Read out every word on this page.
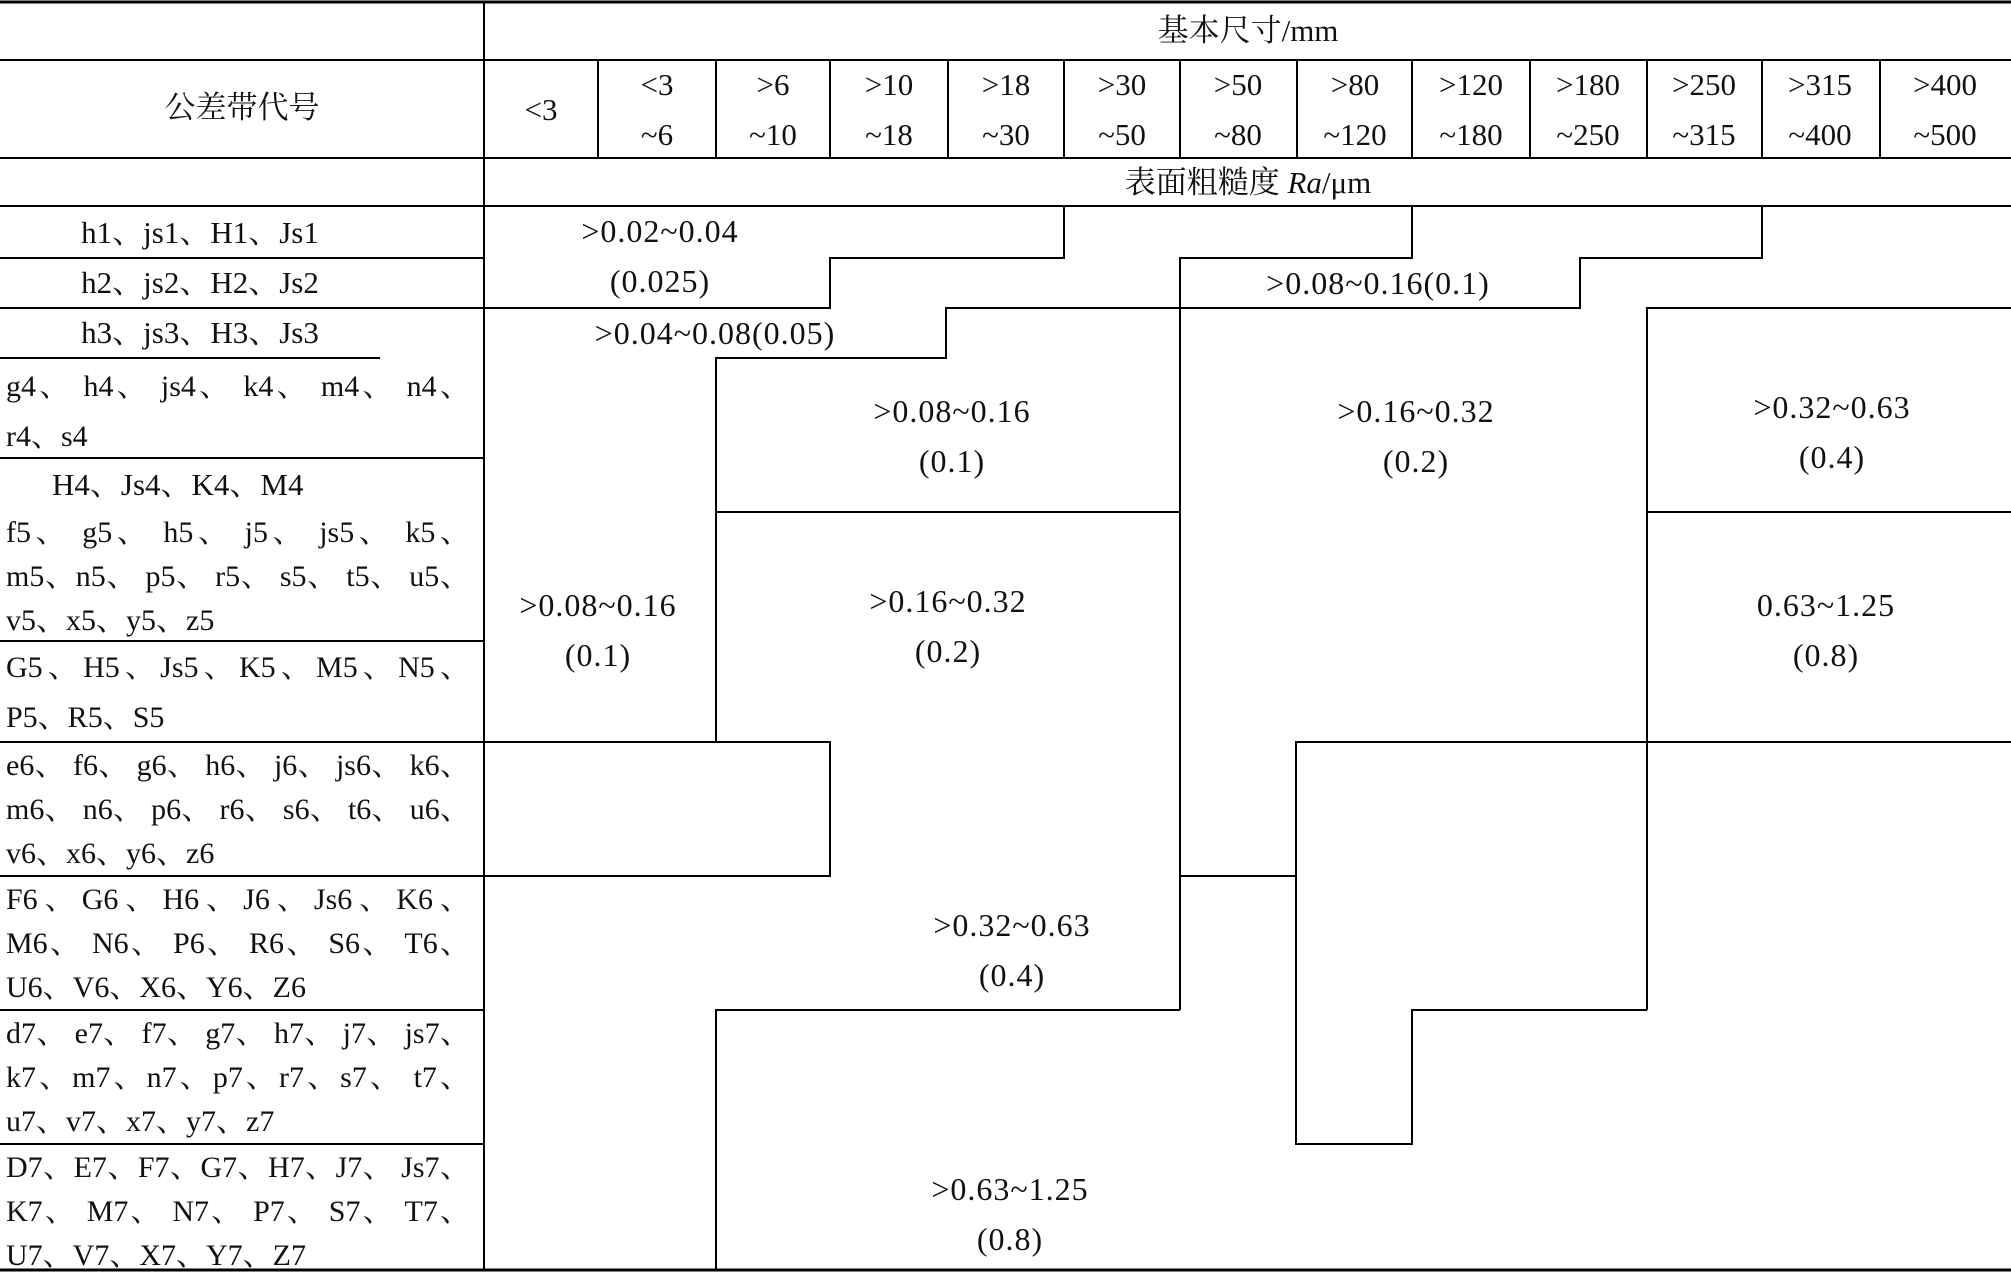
基本尺寸/mm
公差带代号
表面粗糙度 Ra/μm
<3
<3
~6
>6
~10
>10
~18
>18
~30
>30
~50
>50
~80
>80
~120
>120
~180
>180
~250
>250
~315
>315
~400
>400
~500
h1、js1、H1、Js1
h2、js2、H2、Js2
h3、js3、H3、Js3
g4、 h4、 js4、 k4、 m4、 n4、 r4、s4
H4、Js4、K4、M4
f5、 g5、 h5、 j5、 js5、 k5、 m5、n5、 p5、 r5、 s5、 t5、 u5、 v5、x5、y5、z5
G5、H5、Js5、K5、M5、N5、 P5、R5、S5
e6、 f6、 g6、 h6、 j6、 js6、 k6、 m6、 n6、 p6、 r6、 s6、 t6、 u6、v6、x6、y6、z6
F6、G6、H6、J6、Js6、K6、 M6、 N6、 P6、 R6、 S6、 T6、 U6、V6、X6、Y6、Z6
d7、 e7、 f7、 g7、 h7、 j7、 js7、k7、m7、n7、p7、r7、s7、 t7、u7、v7、x7、y7、z7
D7、E7、F7、G7、H7、J7、 Js7、 K7、 M7、 N7、 P7、 S7、 T7、U7、V7、X7、Y7、Z7
>0.02~0.04
(0.025)	>0.08~0.16(0.1)
>0.04~0.08(0.05)
>0.08~0.16
(0.1)
>0.16~0.32
(0.2)
>0.32~0.63
(0.4)
>0.08~0.16
(0.1)
>0.16~0.32
(0.2)
0.63~1.25
(0.8)
>0.32~0.63
(0.4)
>0.63~1.25
(0.8)
